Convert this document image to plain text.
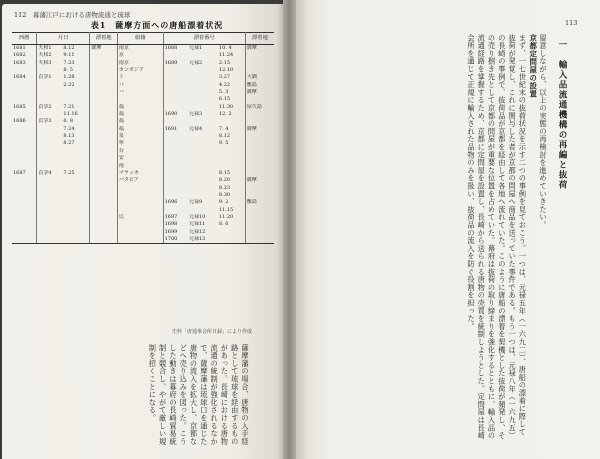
112　幕藩江戸における唐物流通と琉球
表1　薩摩方面への唐船漂着状況
西暦	月日		漂着地	船籍	漂着番号			漂着地
1681	天和1	8.12	薩摩	南京	1688	元禄1	10. 4	薩摩
1682	天和2	9.11		京			11.24	
1683	天和3	7.23		南京	1689	元禄2	2.15	
		8. 5		カンボジア			12.10	
1684	貞享1	1.28		ト			3.27	大隅
		2.22		バ			4.22	甑島
				ハ			5. 3	薩摩
							6.15	
1685	貞享2	7.21		福			11.30	屋久島
		11.16		福	1690	元禄3	12. 2	
1686	貞享3	6. 8		福				
		7.24		福	1691	元禄4	7. 4	薩摩
		8.13		泉			8.12	
		8.27		寧			9. 5	
				台				
				安				
				南				
1687	貞享4	7.25		マラッカ			8.15	
				バタビア			8.20	薩摩
							8.23	
							8.30	
					1696	元禄9	9. 2	甑島
							11.15	
				広	1697	元禄10	11.20	
					1698	元禄11	8. 6	
					1699	元禄12		
					1700	元禄13		

史料「唐通事会所日録」により作成
薩摩藩の場合、唐物の入手経路として琉球を経由するものがあった。長崎における唐物流通の統制が強化されるなかで、薩摩藩は琉球口を通じた唐物の流入を拡大し、京都などへ売り込みを図った。こうした動きは幕府の長崎貿易統制と競合し、やがて厳しい規制を招くことになる。
113
一　輸入品流通機構の再編と抜荷
留意しながら、以上の実態の再検討を進めていきたい。
京都定問屋の設置
まず、一七世紀末の抜荷状況を示す二つの事例を見ておこう。一つは、元禄五年（一六九二）、唐船の漂着に際して抜荷が発覚し、これに関与した者が京都の問屋へ商品を送っていた事件である。もう一つは、元禄八年（一六九五）の長崎の事例で、抜荷品が京都を経由して各地へ流れていた。このように唐船の漂着を契機とした抜荷が頻発し、その売り捌き先として京都の問屋が重要な位置を占めていた。幕府は抜荷の取り締まりを強化するとともに、輸入品の流通経路を掌握するため、京都に定問屋を設置し、長崎から送られる唐物の売買を統制しようとした。定問屋は長崎会所を通じて正規に輸入された品物のみを扱い、抜荷品の流入を防ぐ役割を担った。
